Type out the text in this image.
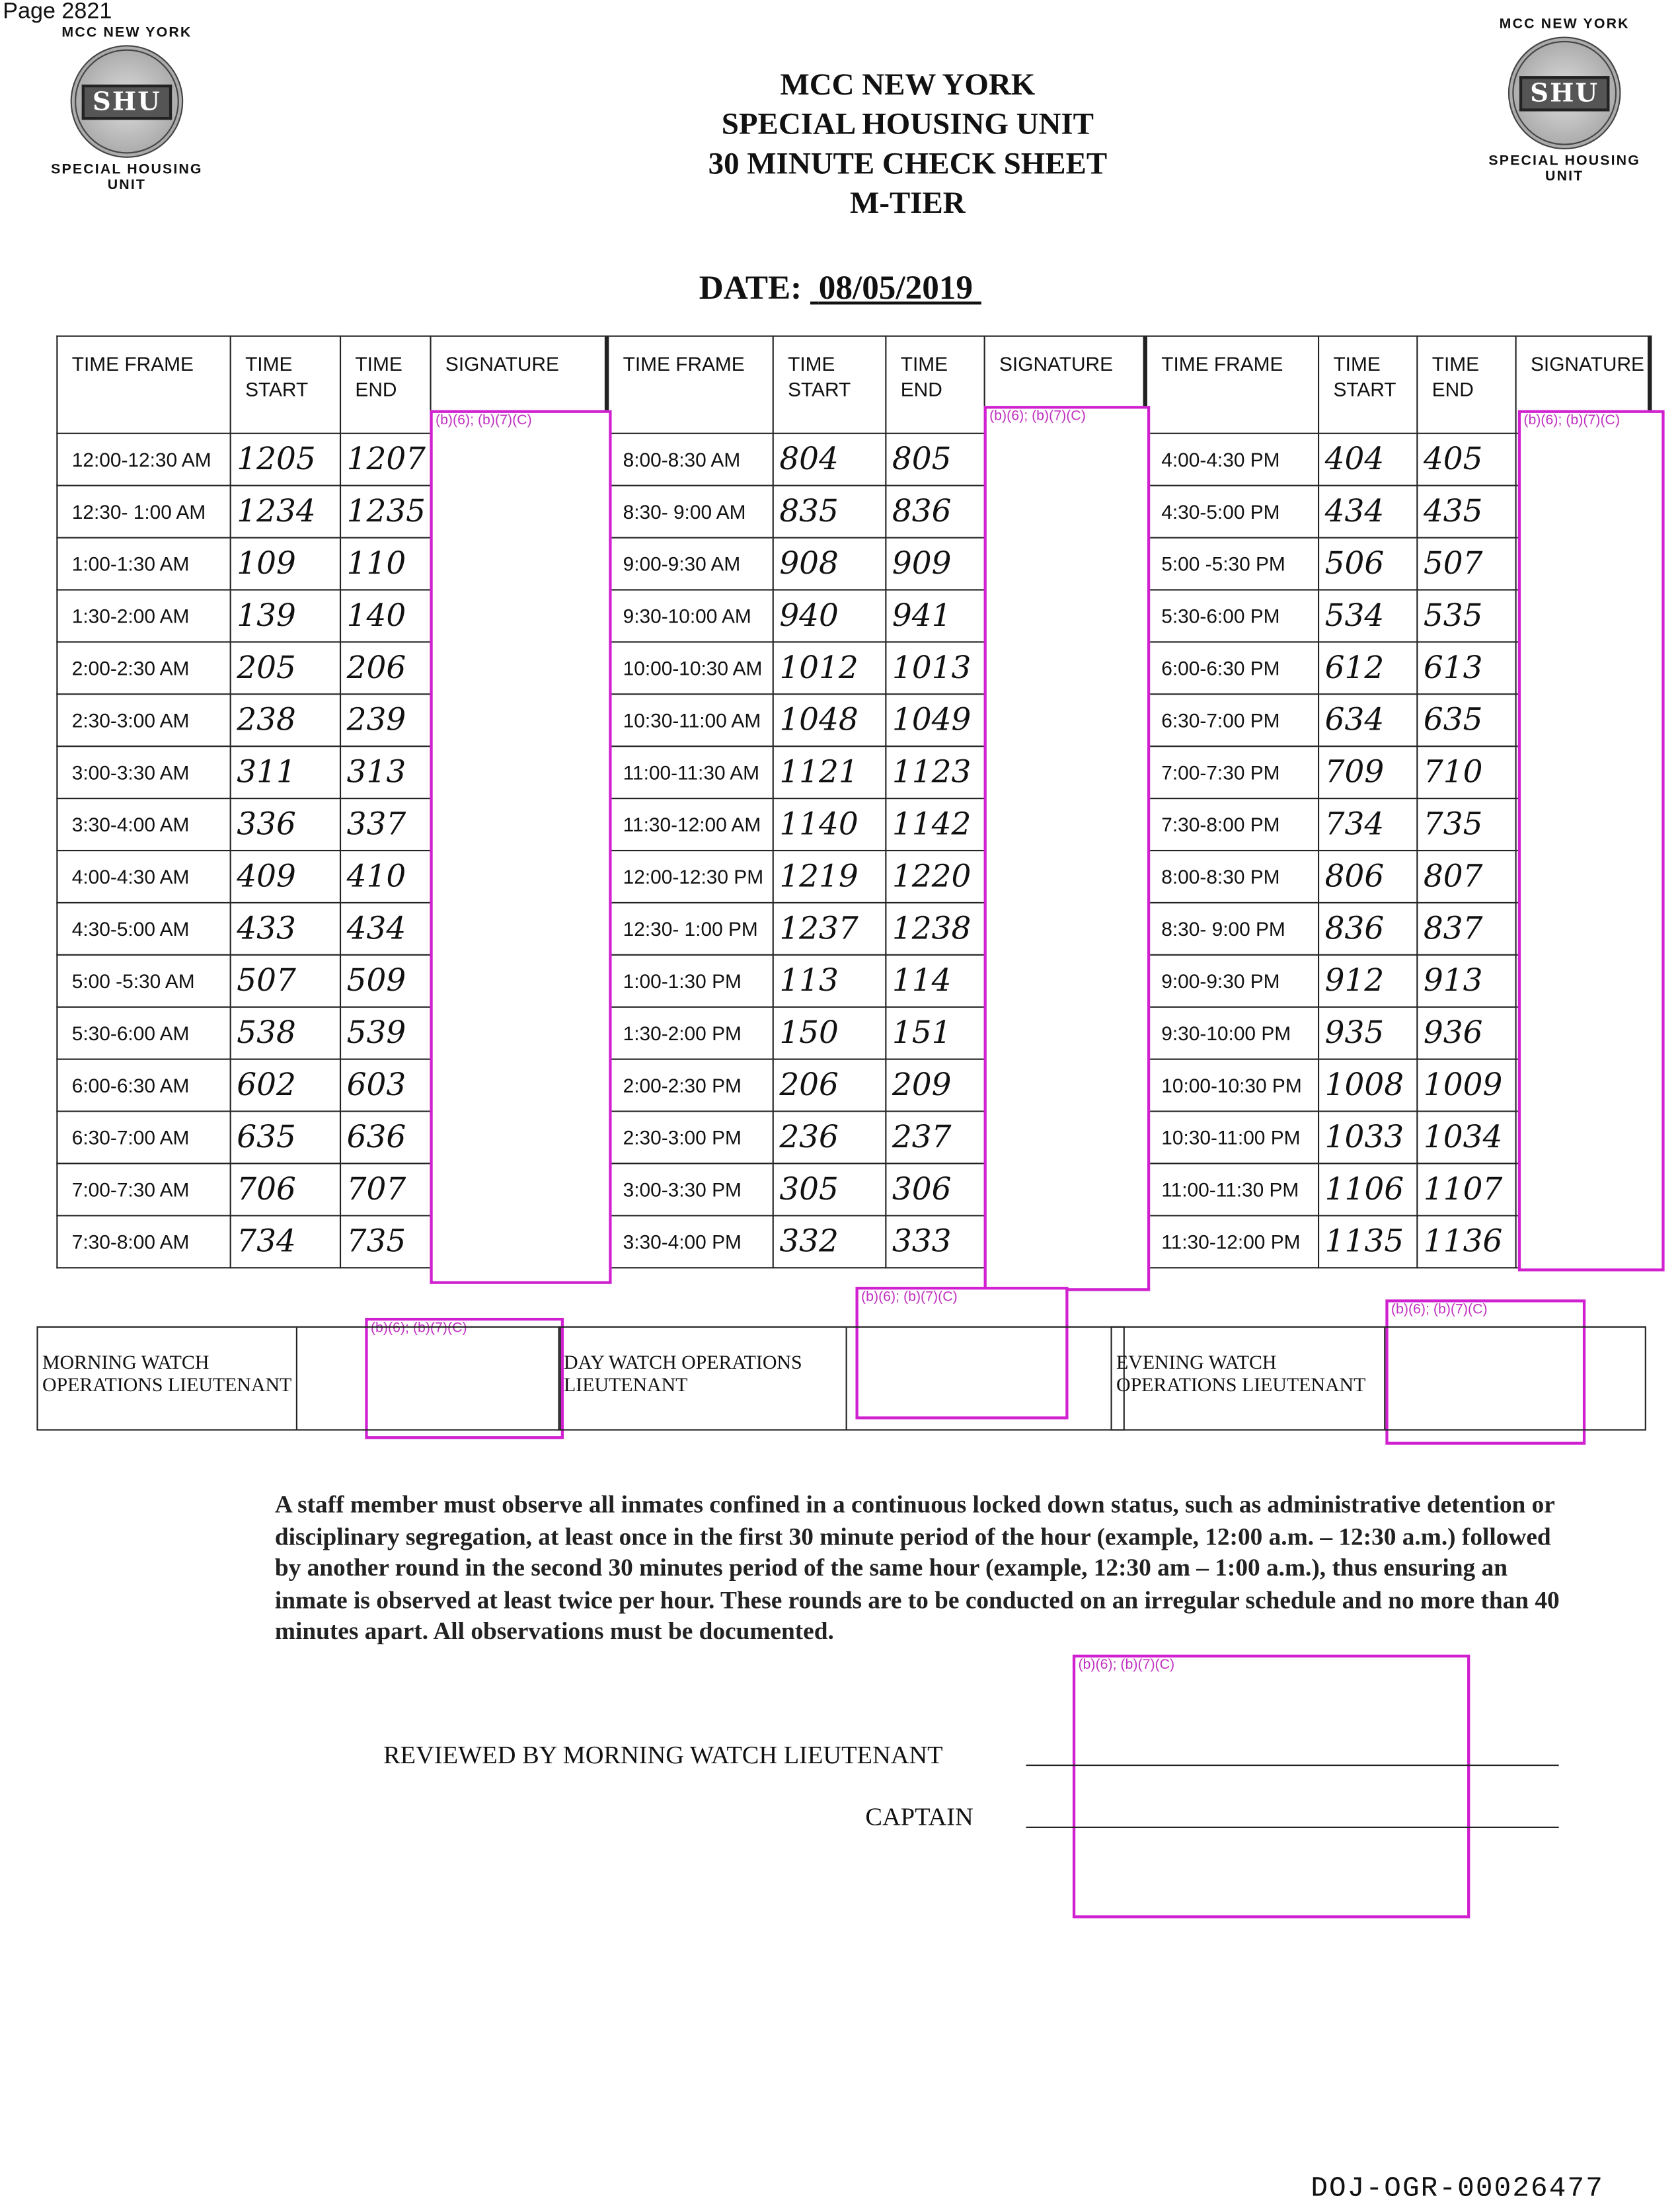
Page 2821
MCC NEW YORK
SHU
SPECIAL HOUSING UNIT
MCC NEW YORK
SHU
SPECIAL HOUSING UNIT
MCC NEW YORK
SPECIAL HOUSING UNIT
30 MINUTE CHECK SHEET
M-TIER
DATE: 08/05/2019
TIME FRAME	TIME START	TIME END	SIGNATURE	TIME FRAME	TIME START	TIME END	SIGNATURE	TIME FRAME	TIME START	TIME END	SIGNATURE
12:00-12:30 AM	1205	1207		8:00-8:30 AM	804	805		4:00-4:30 PM	404	405	
12:30- 1:00 AM	1234	1235		8:30- 9:00 AM	835	836		4:30-5:00 PM	434	435	
1:00-1:30 AM	109	110		9:00-9:30 AM	908	909		5:00 -5:30 PM	506	507	
1:30-2:00 AM	139	140		9:30-10:00 AM	940	941		5:30-6:00 PM	534	535	
2:00-2:30 AM	205	206		10:00-10:30 AM	1012	1013		6:00-6:30 PM	612	613	
2:30-3:00 AM	238	239		10:30-11:00 AM	1048	1049		6:30-7:00 PM	634	635	
3:00-3:30 AM	311	313		11:00-11:30 AM	1121	1123		7:00-7:30 PM	709	710	
3:30-4:00 AM	336	337		11:30-12:00 AM	1140	1142		7:30-8:00 PM	734	735	
4:00-4:30 AM	409	410		12:00-12:30 PM	1219	1220		8:00-8:30 PM	806	807	
4:30-5:00 AM	433	434		12:30- 1:00 PM	1237	1238		8:30- 9:00 PM	836	837	
5:00 -5:30 AM	507	509		1:00-1:30 PM	113	114		9:00-9:30 PM	912	913	
5:30-6:00 AM	538	539		1:30-2:00 PM	150	151		9:30-10:00 PM	935	936	
6:00-6:30 AM	602	603		2:00-2:30 PM	206	209		10:00-10:30 PM	1008	1009	
6:30-7:00 AM	635	636		2:30-3:00 PM	236	237		10:30-11:00 PM	1033	1034	
7:00-7:30 AM	706	707		3:00-3:30 PM	305	306		11:00-11:30 PM	1106	1107	
7:30-8:00 AM	734	735		3:30-4:00 PM	332	333		11:30-12:00 PM	1135	1136	
(b)(6); (b)(7)(C)	(b)(6); (b)(7)(C)	(b)(6); (b)(7)(C)
(b)(6); (b)(7)(C)
(b)(6); (b)(7)(C)
(b)(6); (b)(7)(C)
(b)(6); (b)(7)(C)
MORNING WATCH OPERATIONS LIEUTENANT
DAY WATCH OPERATIONS LIEUTENANT
EVENING WATCH OPERATIONS LIEUTENANT
A staff member must observe all inmates confined in a continuous locked down status, such as administrative detention or disciplinary segregation, at least once in the first 30 minute period of the hour (example, 12:00 a.m. – 12:30 a.m.) followed by another round in the second 30 minutes period of the same hour (example, 12:30 am – 1:00 a.m.), thus ensuring an inmate is observed at least twice per hour. These rounds are to be conducted on an irregular schedule and no more than 40 minutes apart. All observations must be documented.
REVIEWED BY MORNING WATCH LIEUTENANT
CAPTAIN
DOJ-OGR-00026477
